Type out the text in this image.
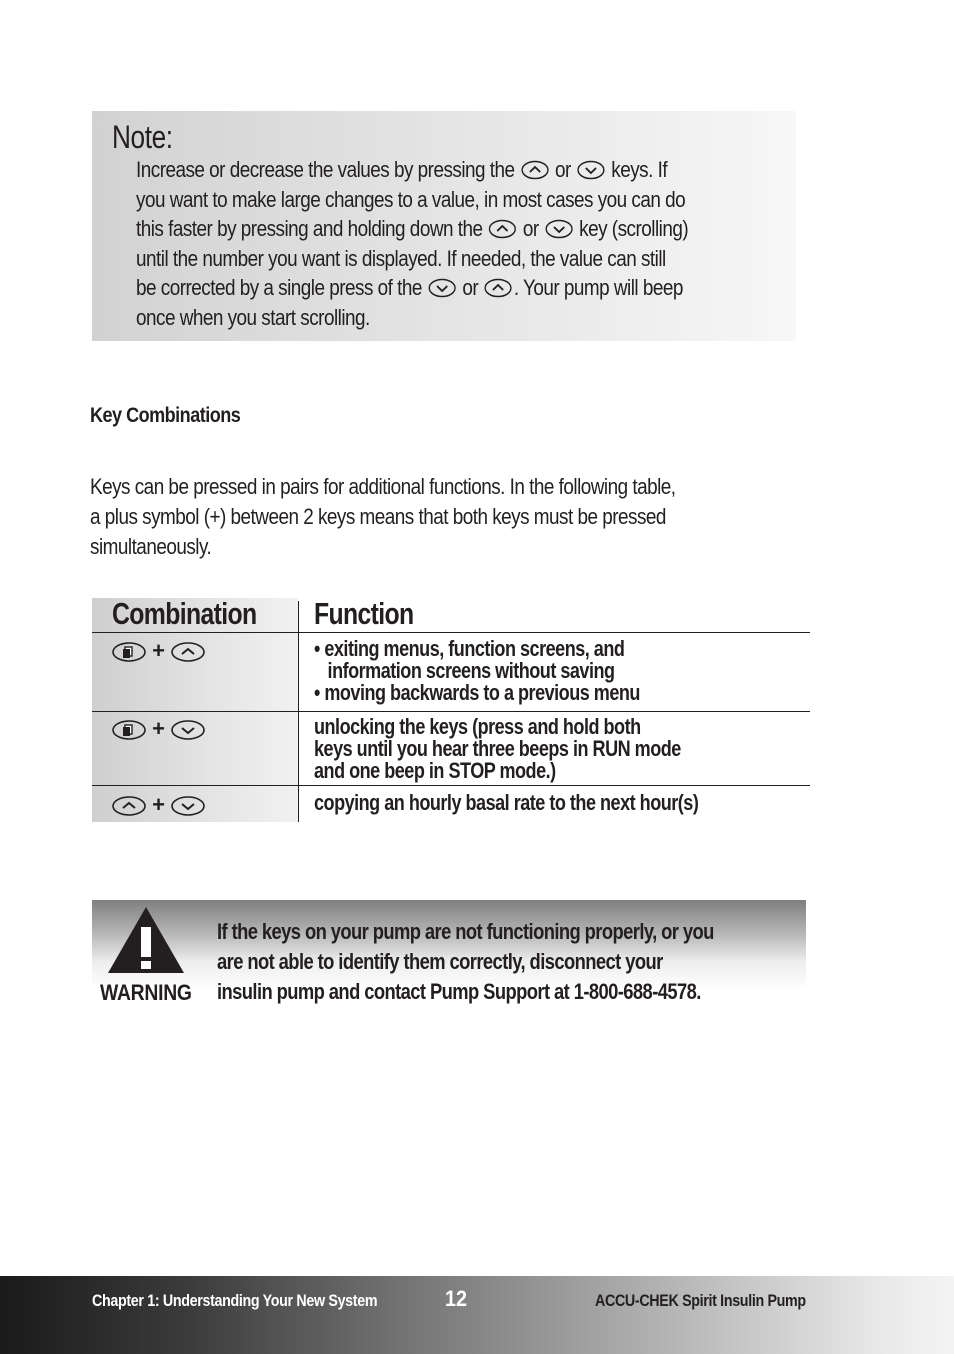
Note:
Increase or decrease the values by pressing the or keys. If
you want to make large changes to a value, in most cases you can do
this faster by pressing and holding down the or key (scrolling)
until the number you want is displayed. If needed, the value can still
be corrected by a single press of the or . Your pump will beep
once when you start scrolling.
Key Combinations
Keys can be pressed in pairs for additional functions. In the following table,
a plus symbol (+) between 2 keys means that both keys must be pressed
simultaneously.
Combination Function
+	• exiting menus, function screens, and
information screens without saving
• moving backwards to a previous menu
+	unlocking the keys (press and hold both
keys until you hear three beeps in RUN mode
and one beep in STOP mode.)
+	copying an hourly basal rate to the next hour(s)
WARNING
If the keys on your pump are not functioning properly, or you
are not able to identify them correctly, disconnect your
insulin pump and contact Pump Support at 1-800-688-4578.
Chapter 1: Understanding Your New System	12	ACCU-CHEK Spirit Insulin Pump
